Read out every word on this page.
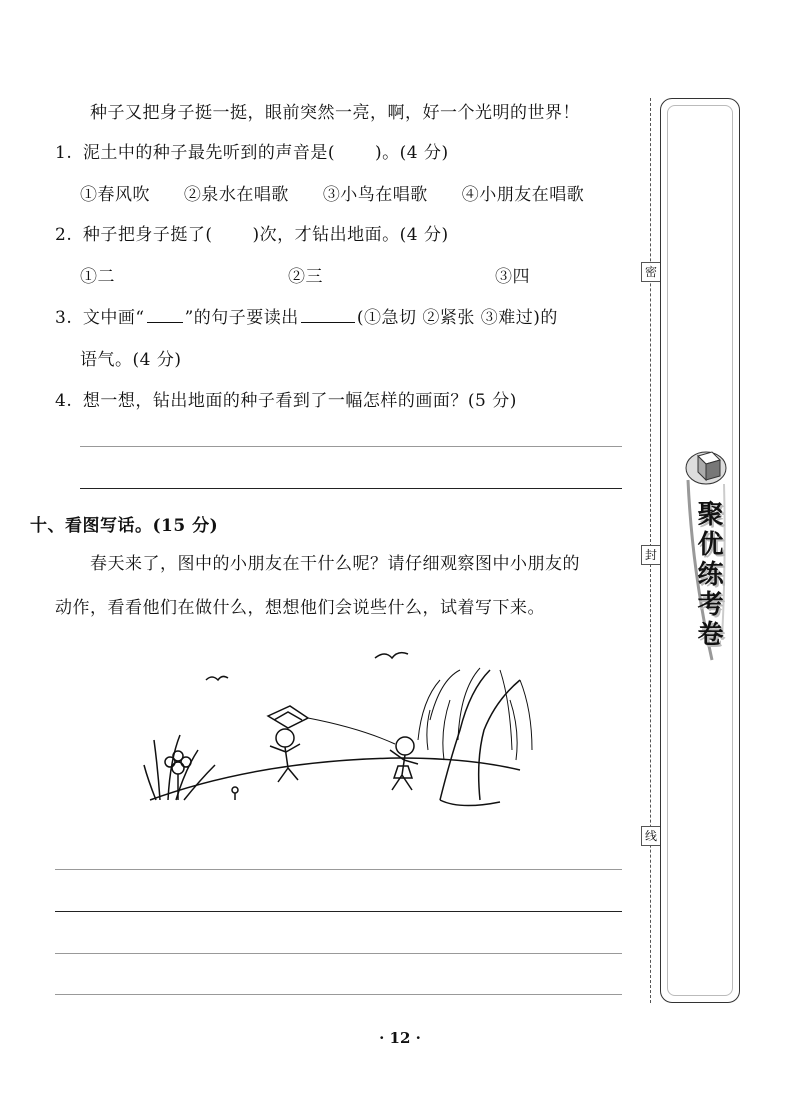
种子又把身子挺一挺，眼前突然一亮，啊，好一个光明的世界！
1. 泥土中的种子最先听到的声音是( )。(4 分)
①春风吹 ②泉水在唱歌 ③小鸟在唱歌 ④小朋友在唱歌
2. 种子把身子挺了( )次，才钻出地面。(4 分)
①二	②三	③四
3. 文中画“ ”的句子要读出	(①急切 ②紧张 ③难过)的
语气。(4 分)
4. 想一想，钻出地面的种子看到了一幅怎样的画面？(5 分)
十、看图写话。(15 分)
春天来了，图中的小朋友在干什么呢？请仔细观察图中小朋友的
动作，看看他们在做什么，想想他们会说些什么，试着写下来。
· 12 ·
密
封
线
聚优练考卷
